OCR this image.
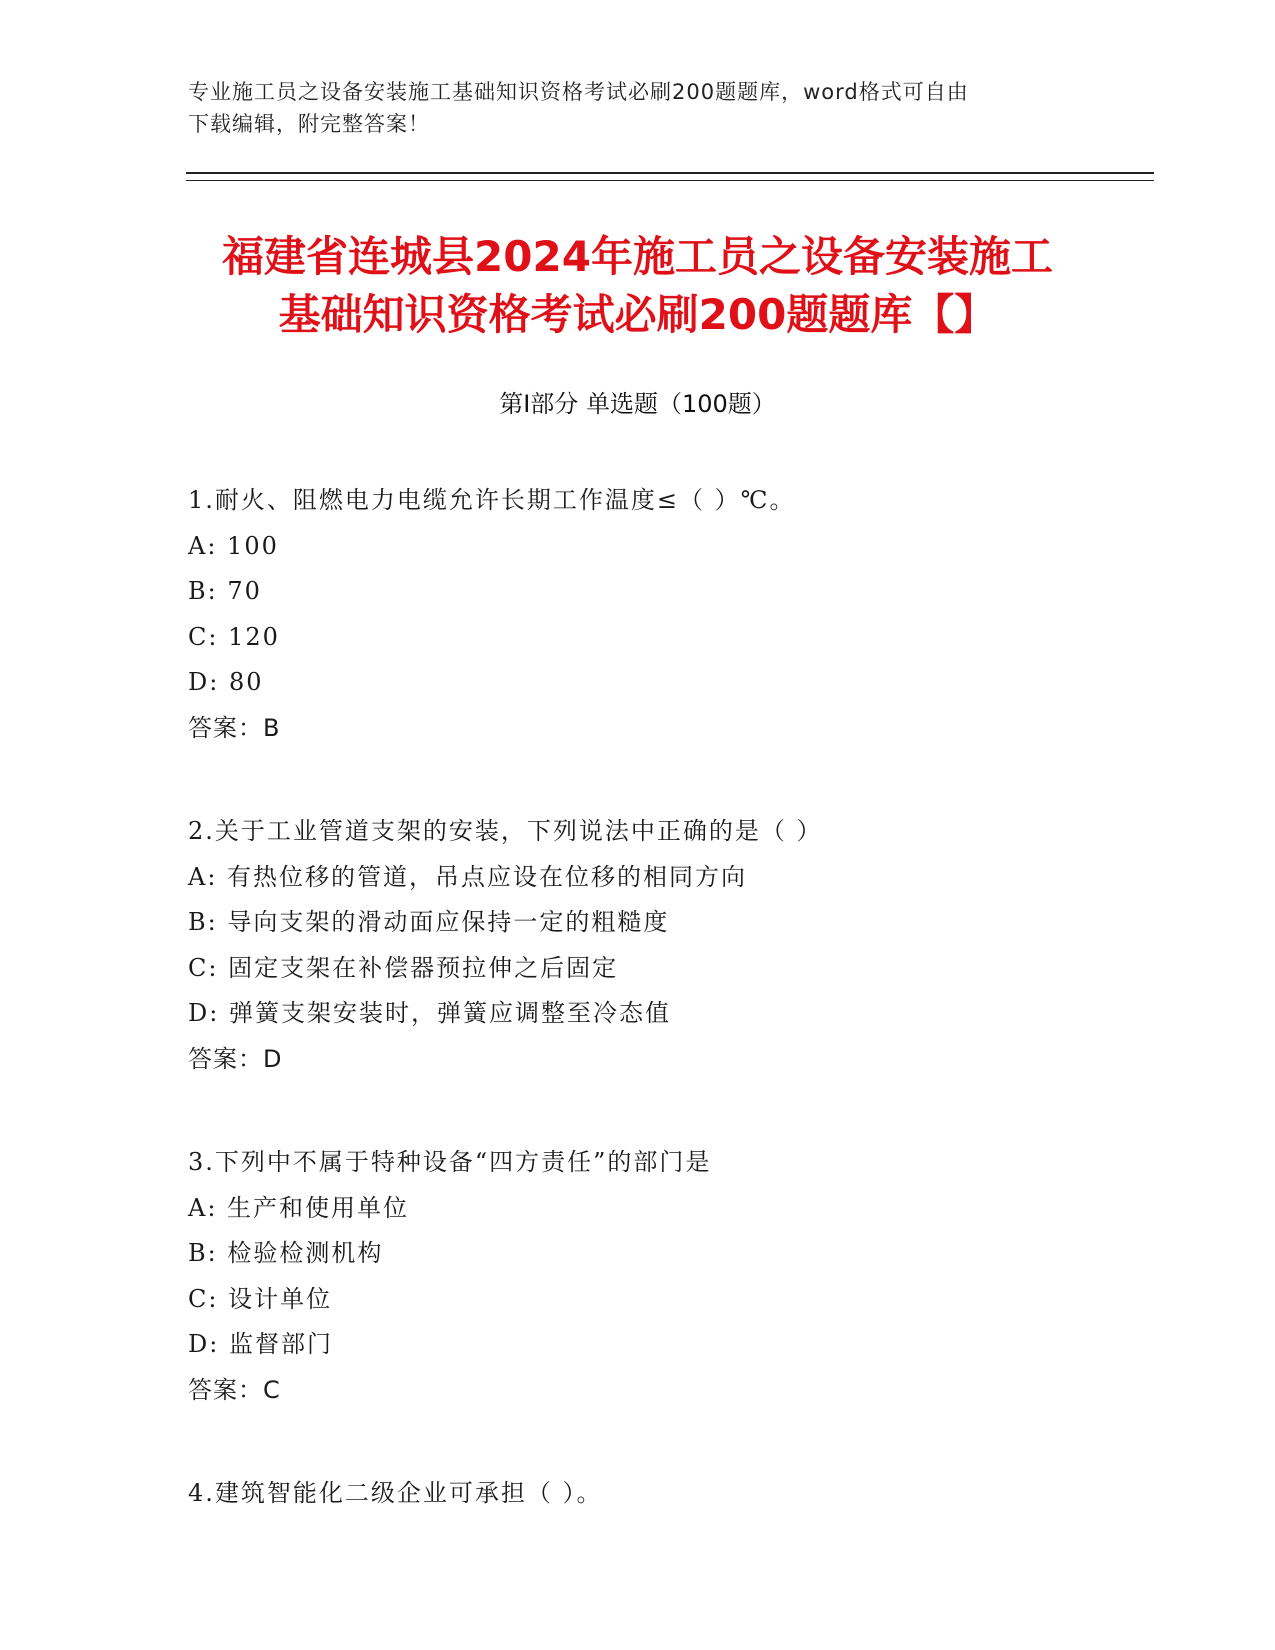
专业施工员之设备安装施工基础知识资格考试必刷200题题库，word格式可自由
下载编辑，附完整答案！
福建省连城县2024年施工员之设备安装施工
基础知识资格考试必刷200题题库【】
第Ⅰ部分 单选题（100题）
1.耐火、阻燃电力电缆允许长期工作温度≤（ ）℃。
A: 100
B: 70
C: 120
D: 80
答案：B
2.关于工业管道支架的安装，下列说法中正确的是（ ）
A: 有热位移的管道，吊点应设在位移的相同方向
B: 导向支架的滑动面应保持一定的粗糙度
C: 固定支架在补偿器预拉伸之后固定
D: 弹簧支架安装时，弹簧应调整至冷态值
答案：D
3.下列中不属于特种设备“四方责任”的部门是
A: 生产和使用单位
B: 检验检测机构
C: 设计单位
D: 监督部门
答案：C
4.建筑智能化二级企业可承担（ ）。
